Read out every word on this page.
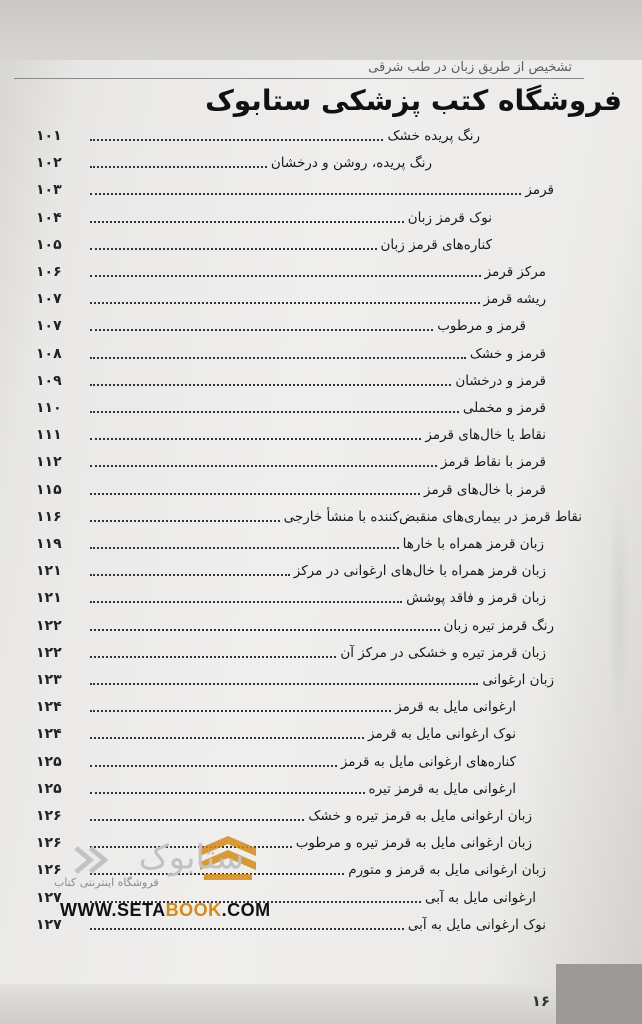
تشخیص از طریق زبان در طب شرقی
فروشگاه کتب پزشکی ستابوک
۱۰۱	رنگ پریده خشک
۱۰۲	رنگ پریده، روشن و درخشان
۱۰۳	قرمز
۱۰۴	نوک قرمز زبان
۱۰۵	کناره‌های قرمز زبان
۱۰۶	مرکز قرمز
۱۰۷	ریشه قرمز
۱۰۷	قرمز و مرطوب
۱۰۸	قرمز و خشک
۱۰۹	قرمز و درخشان
۱۱۰	قرمز و مخملی
۱۱۱	نقاط یا خال‌های قرمز
۱۱۲	قرمز با نقاط قرمز
۱۱۵	قرمز با خال‌های قرمز
۱۱۶	نقاط قرمز در بیماری‌های منقبض‌کننده با منشأ خارجی
۱۱۹	زبان قرمز همراه با خارها
۱۲۱	زبان قرمز همراه با خال‌های ارغوانی در مرکز
۱۲۱	زبان قرمز و فاقد پوشش
۱۲۲	رنگ قرمز تیره زبان
۱۲۲	زبان قرمز تیره و خشکی در مرکز آن
۱۲۳	زبان ارغوانی
۱۲۴	ارغوانی مایل به قرمز
۱۲۴	نوک ارغوانی مایل به قرمز
۱۲۵	کناره‌های ارغوانی مایل به قرمز
۱۲۵	ارغوانی مایل به قرمز تیره
۱۲۶	زبان ارغوانی مایل به قرمز تیره و خشک
۱۲۶	زبان ارغوانی مایل به قرمز تیره و مرطوب
۱۲۶	زبان ارغوانی مایل به قرمز و متورم
۱۲۷	ارغوانی مایل به آبی
۱۲۷	نوک ارغوانی مایل به آبی
ستابوک
فروشگاه اینترنتی کتاب
WWW.SETABOOK.COM
۱۶
